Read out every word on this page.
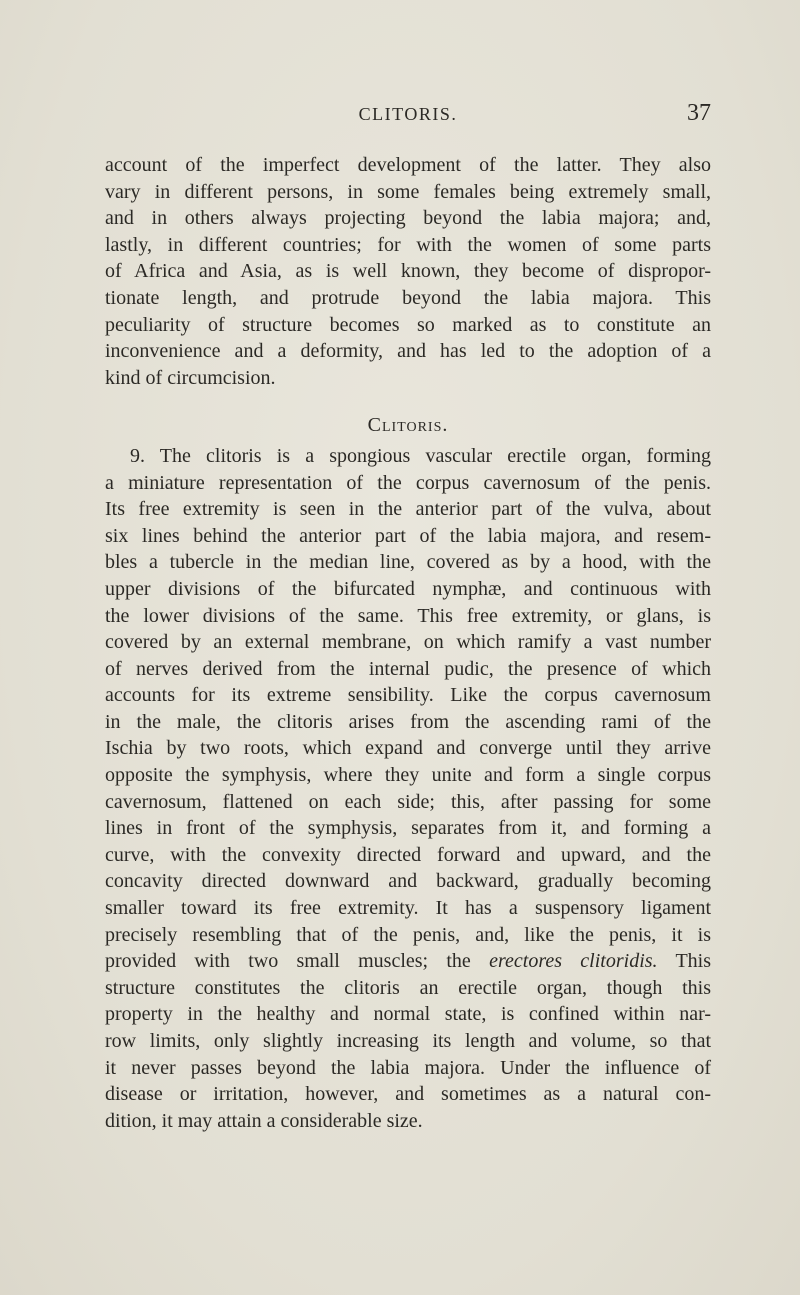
CLITORIS.	37
account of the imperfect development of the latter. They also
vary in different persons, in some females being extremely small,
and in others always projecting beyond the labia majora; and,
lastly, in different countries; for with the women of some parts
of Africa and Asia, as is well known, they become of dispropor-
tionate length, and protrude beyond the labia majora. This
peculiarity of structure becomes so marked as to constitute an
inconvenience and a deformity, and has led to the adoption of a
kind of circumcision.
Clitoris.
9. The clitoris is a spongious vascular erectile organ, forming
a miniature representation of the corpus cavernosum of the penis.
Its free extremity is seen in the anterior part of the vulva, about
six lines behind the anterior part of the labia majora, and resem-
bles a tubercle in the median line, covered as by a hood, with the
upper divisions of the bifurcated nymphæ, and continuous with
the lower divisions of the same. This free extremity, or glans, is
covered by an external membrane, on which ramify a vast number
of nerves derived from the internal pudic, the presence of which
accounts for its extreme sensibility. Like the corpus cavernosum
in the male, the clitoris arises from the ascending rami of the
Ischia by two roots, which expand and converge until they arrive
opposite the symphysis, where they unite and form a single corpus
cavernosum, flattened on each side; this, after passing for some
lines in front of the symphysis, separates from it, and forming a
curve, with the convexity directed forward and upward, and the
concavity directed downward and backward, gradually becoming
smaller toward its free extremity. It has a suspensory ligament
precisely resembling that of the penis, and, like the penis, it is
provided with two small muscles; the erectores clitoridis. This
structure constitutes the clitoris an erectile organ, though this
property in the healthy and normal state, is confined within nar-
row limits, only slightly increasing its length and volume, so that
it never passes beyond the labia majora. Under the influence of
disease or irritation, however, and sometimes as a natural con-
dition, it may attain a considerable size.
